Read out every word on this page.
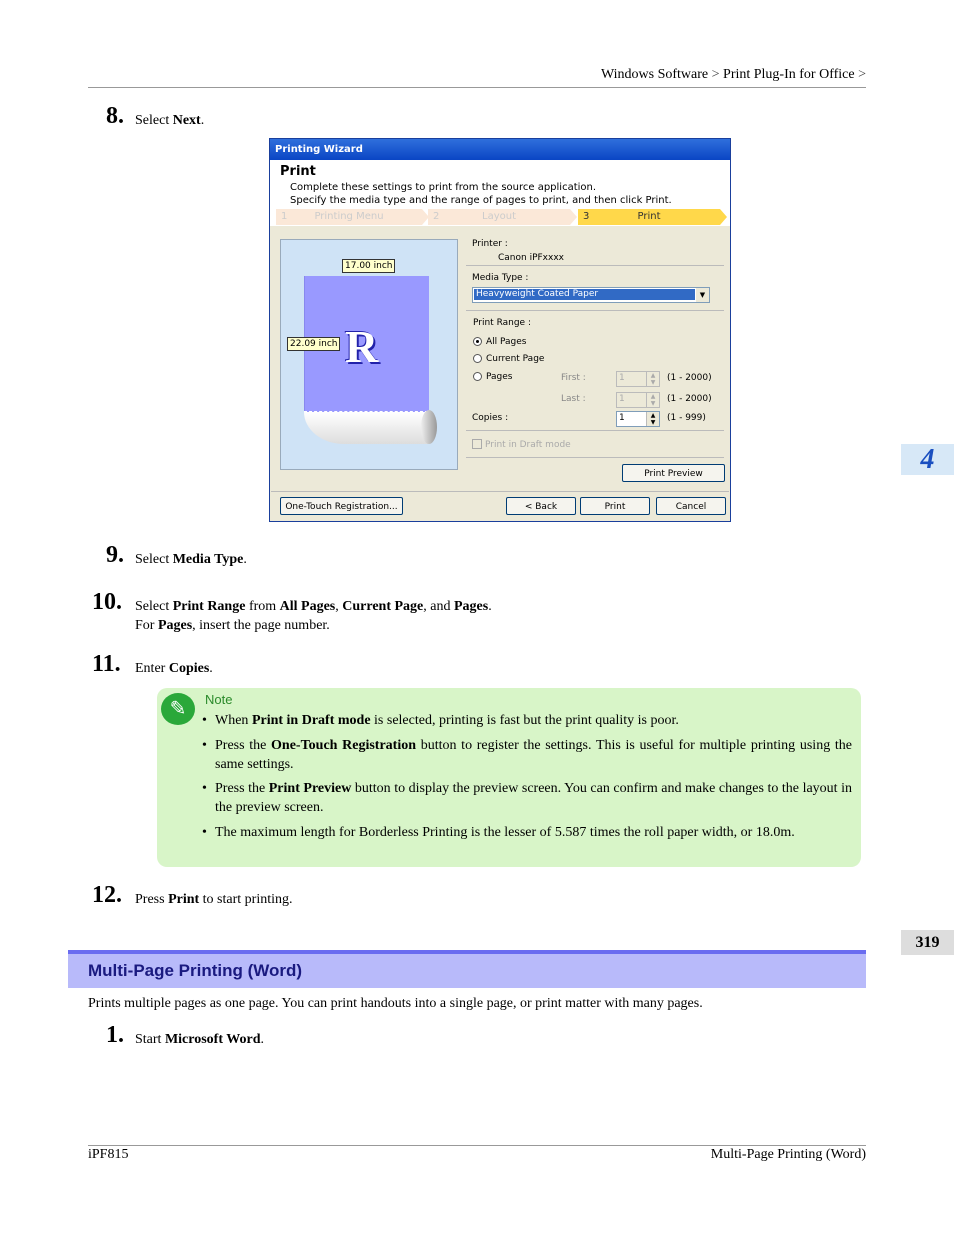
Windows Software > Print Plug-In for Office >
8. Select Next.
Printing Wizard
Print
Complete these settings to print from the source application.
Specify the media type and the range of pages to print, and then click Print.
1	Printing Menu	2	Layout	3	Print
R
17.00 inch
22.09 inch
Printer :
Canon iPFxxxx
Media Type :
Heavyweight Coated Paper	▼
Print Range :
All Pages
Current Page
Pages	First :	1	▲
▼	(1 - 2000)
Last :	1	▲
▼	(1 - 2000)
Copies :	1	▲
▼	(1 - 999)
Print in Draft mode
Print Preview
One-Touch Registration...	< Back	Print	Cancel
9. Select Media Type.
10. Select Print Range from All Pages, Current Page, and Pages.
For Pages, insert the page number.
11. Enter Copies.
✎	Note
• When Print in Draft mode is selected, printing is fast but the print quality is poor.
• Press the One-Touch Registration button to register the settings. This is useful for multiple printing using the same settings.
• Press the Print Preview button to display the preview screen. You can confirm and make changes to the layout in the preview screen.
• The maximum length for Borderless Printing is the lesser of 5.587 times the roll paper width, or 18.0m.
12. Press Print to start printing.
Multi-Page Printing (Word)
Prints multiple pages as one page. You can print handouts into a single page, or print matter with many pages.
1. Start Microsoft Word.
4
319
iPF815	Multi-Page Printing (Word)
